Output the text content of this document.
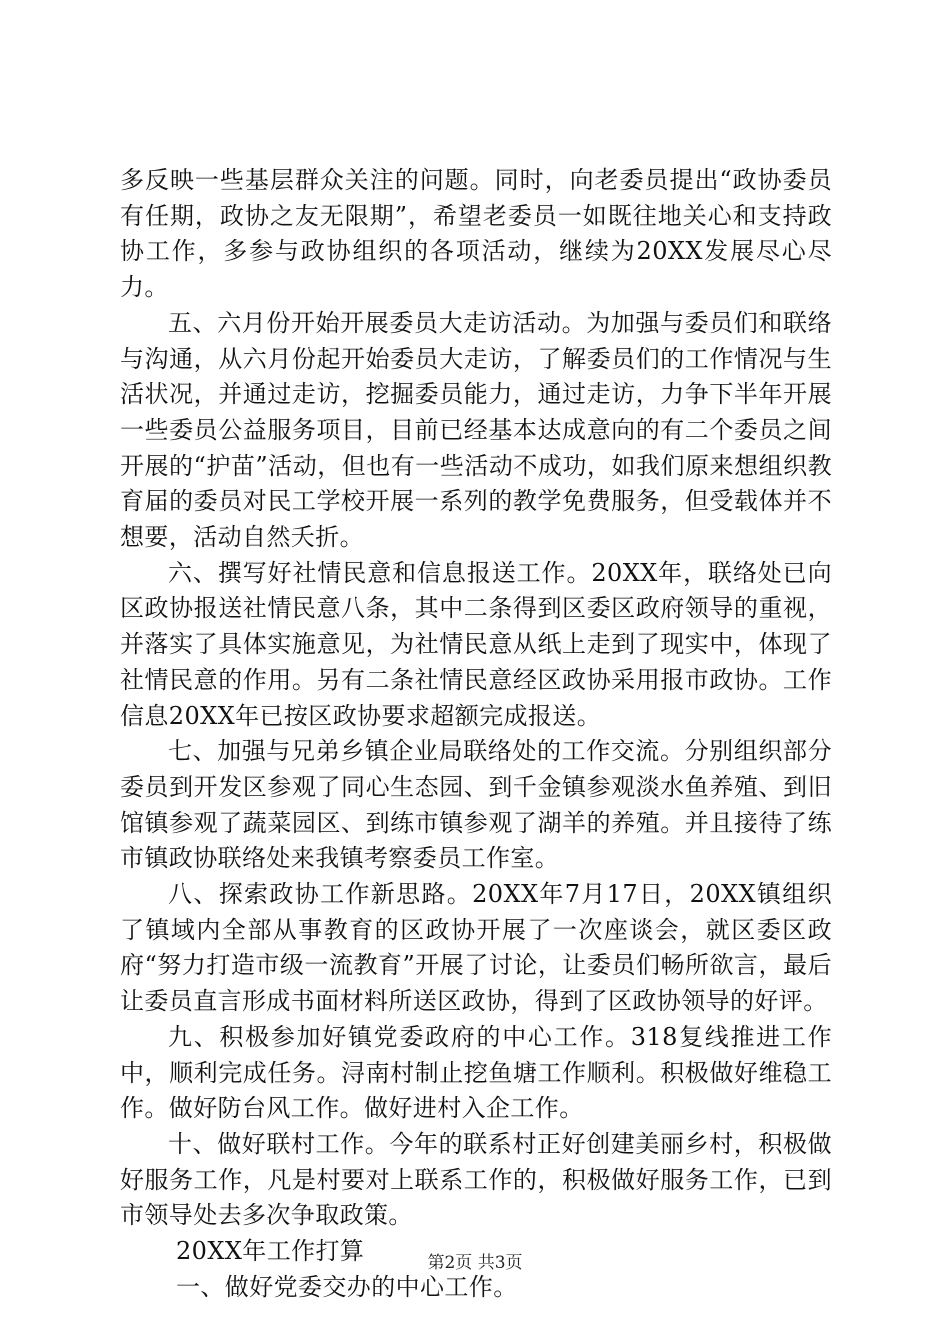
多反映一些基层群众关注的问题。同时，向老委员提出“政协委员有任期，政协之友无限期”，希望老委员一如既往地关心和支持政协工作，多参与政协组织的各项活动，继续为20XX发展尽心尽力。

五、六月份开始开展委员大走访活动。为加强与委员们和联络与沟通，从六月份起开始委员大走访，了解委员们的工作情况与生活状况，并通过走访，挖掘委员能力，通过走访，力争下半年开展一些委员公益服务项目，目前已经基本达成意向的有二个委员之间开展的“护苗”活动，但也有一些活动不成功，如我们原来想组织教育届的委员对民工学校开展一系列的教学免费服务，但受载体并不想要，活动自然夭折。

六、撰写好社情民意和信息报送工作。20XX年，联络处已向区政协报送社情民意八条，其中二条得到区委区政府领导的重视，并落实了具体实施意见，为社情民意从纸上走到了现实中，体现了社情民意的作用。另有二条社情民意经区政协采用报市政协。工作信息20XX年已按区政协要求超额完成报送。

七、加强与兄弟乡镇企业局联络处的工作交流。分别组织部分委员到开发区参观了同心生态园、到千金镇参观淡水鱼养殖、到旧馆镇参观了蔬菜园区、到练市镇参观了湖羊的养殖。并且接待了练市镇政协联络处来我镇考察委员工作室。

八、探索政协工作新思路。20XX年7月17日，20XX镇组织了镇域内全部从事教育的区政协开展了一次座谈会，就区委区政府“努力打造市级一流教育”开展了讨论，让委员们畅所欲言，最后让委员直言形成书面材料所送区政协，得到了区政协领导的好评。

九、积极参加好镇党委政府的中心工作。318复线推进工作中，顺利完成任务。浔南村制止挖鱼塘工作顺利。积极做好维稳工作。做好防台风工作。做好进村入企工作。

十、做好联村工作。今年的联系村正好创建美丽乡村，积极做好服务工作，凡是村要对上联系工作的，积极做好服务工作，已到市领导处去多次争取政策。

20XX年工作打算

一、做好党委交办的中心工作。

第2页 共3页
